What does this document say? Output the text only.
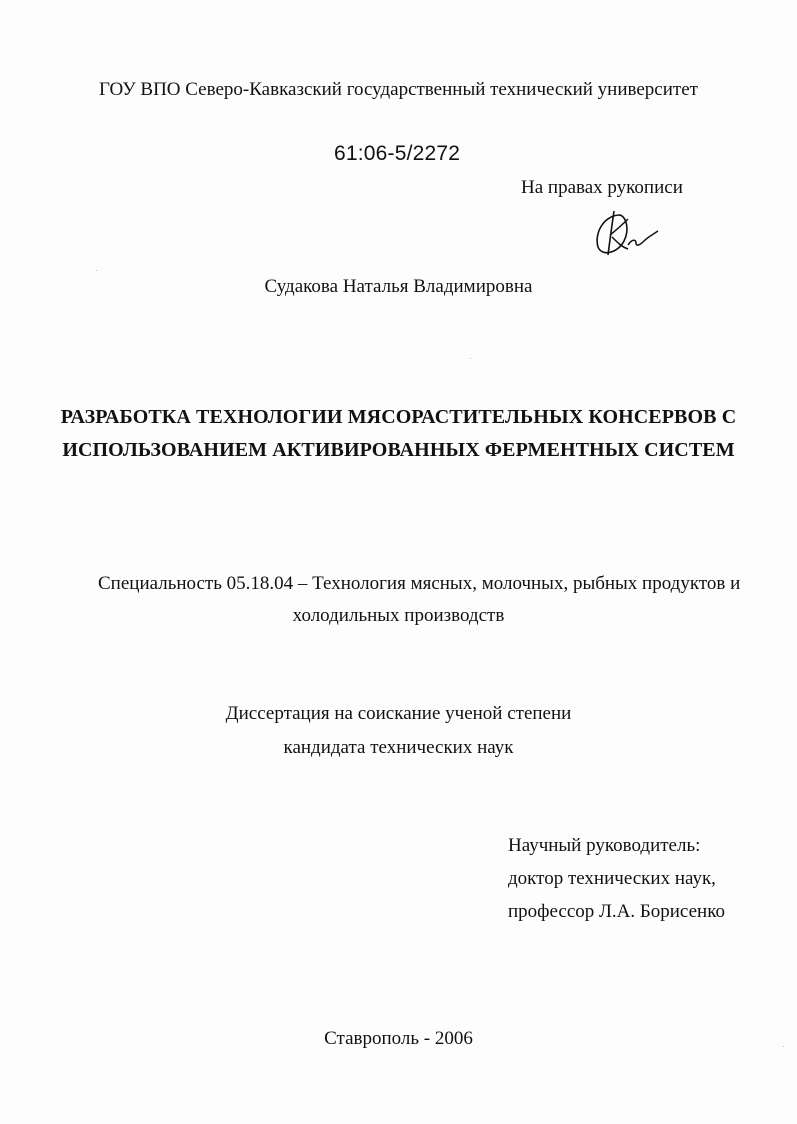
ГОУ ВПО Северо-Кавказский государственный технический университет
61:06-5/2272
На правах рукописи
Судакова Наталья Владимировна
РАЗРАБОТКА ТЕХНОЛОГИИ МЯСОРАСТИТЕЛЬНЫХ КОНСЕРВОВ С
ИСПОЛЬЗОВАНИЕМ АКТИВИРОВАННЫХ ФЕРМЕНТНЫХ СИСТЕМ
Специальность 05.18.04 – Технология мясных, молочных, рыбных продуктов и
холодильных производств
Диссертация на соискание ученой степени
кандидата технических наук
Научный руководитель:
доктор технических наук,
профессор Л.А. Борисенко
Ставрополь - 2006
